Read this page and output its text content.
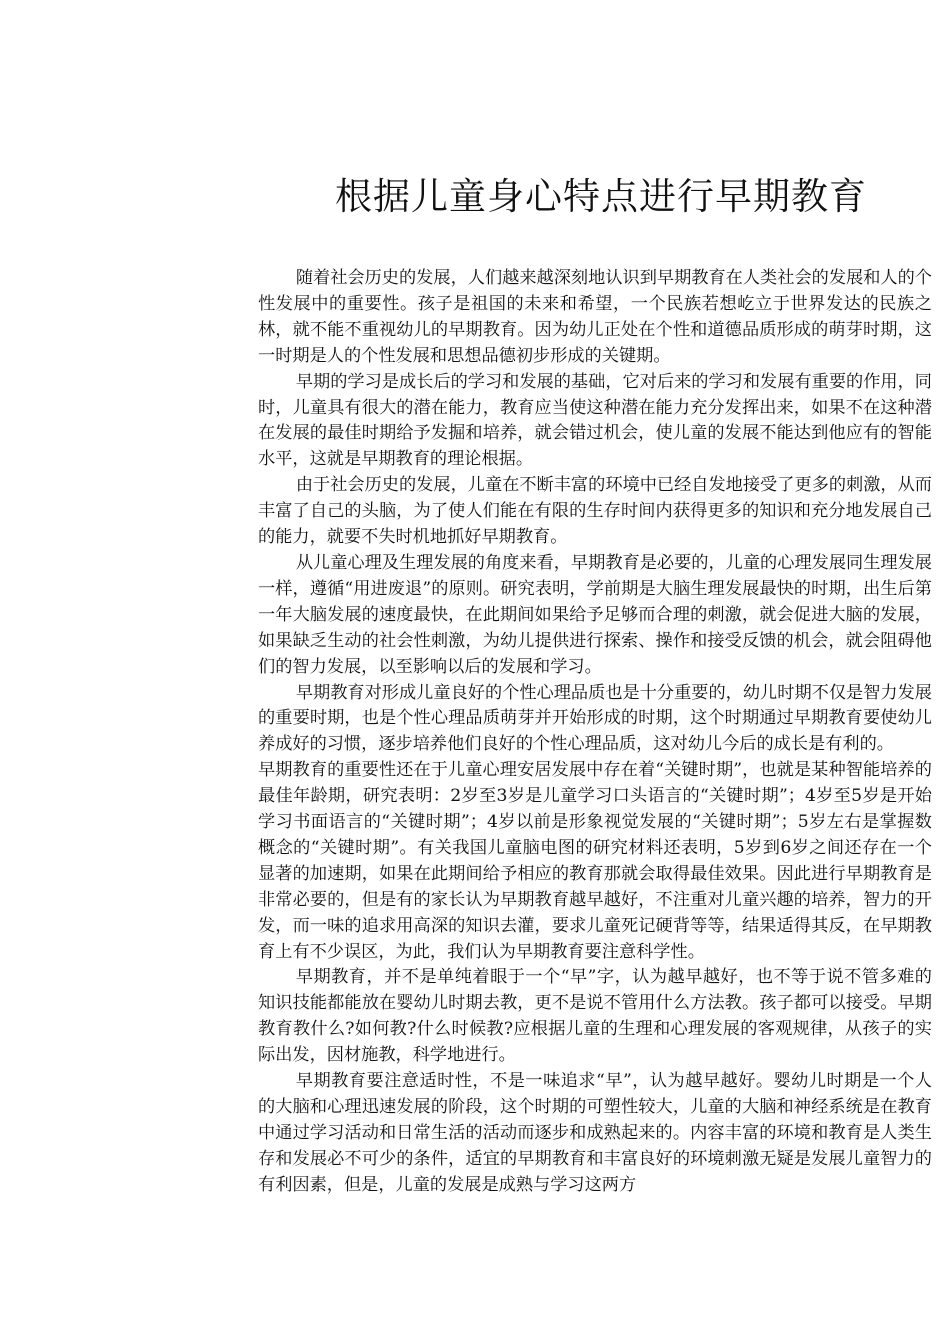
根据儿童身心特点进行早期教育

随着社会历史的发展，人们越来越深刻地认识到早期教育在人类社会的发展和人的个性发展中的重要性。孩子是祖国的未来和希望，一个民族若想屹立于世界发达的民族之林，就不能不重视幼儿的早期教育。因为幼儿正处在个性和道德品质形成的萌芽时期，这一时期是人的个性发展和思想品德初步形成的关键期。

早期的学习是成长后的学习和发展的基础，它对后来的学习和发展有重要的作用，同时，儿童具有很大的潜在能力，教育应当使这种潜在能力充分发挥出来，如果不在这种潜在发展的最佳时期给予发掘和培养，就会错过机会，使儿童的发展不能达到他应有的智能水平，这就是早期教育的理论根据。

由于社会历史的发展，儿童在不断丰富的环境中已经自发地接受了更多的刺激，从而丰富了自己的头脑，为了使人们能在有限的生存时间内获得更多的知识和充分地发展自己的能力，就要不失时机地抓好早期教育。

从儿童心理及生理发展的角度来看，早期教育是必要的，儿童的心理发展同生理发展一样，遵循“用进废退”的原则。研究表明，学前期是大脑生理发展最快的时期，出生后第一年大脑发展的速度最快，在此期间如果给予足够而合理的刺激，就会促进大脑的发展，如果缺乏生动的社会性刺激，为幼儿提供进行探索、操作和接受反馈的机会，就会阻碍他们的智力发展，以至影响以后的发展和学习。

早期教育对形成儿童良好的个性心理品质也是十分重要的，幼儿时期不仅是智力发展的重要时期，也是个性心理品质萌芽并开始形成的时期，这个时期通过早期教育要使幼儿养成好的习惯，逐步培养他们良好的个性心理品质，这对幼儿今后的成长是有利的。

早期教育的重要性还在于儿童心理安居发展中存在着“关键时期”，也就是某种智能培养的最佳年龄期，研究表明：2岁至3岁是儿童学习口头语言的“关键时期”；4岁至5岁是开始学习书面语言的“关键时期”；4岁以前是形象视觉发展的“关键时期”；5岁左右是掌握数概念的“关键时期”。有关我国儿童脑电图的研究材料还表明，5岁到6岁之间还存在一个显著的加速期，如果在此期间给予相应的教育那就会取得最佳效果。因此进行早期教育是非常必要的，但是有的家长认为早期教育越早越好，不注重对儿童兴趣的培养，智力的开发，而一味的追求用高深的知识去灌，要求儿童死记硬背等等，结果适得其反，在早期教育上有不少误区，为此，我们认为早期教育要注意科学性。

早期教育，并不是单纯着眼于一个“早”字，认为越早越好，也不等于说不管多难的知识技能都能放在婴幼儿时期去教，更不是说不管用什么方法教。孩子都可以接受。早期教育教什么?如何教?什么时候教?应根据儿童的生理和心理发展的客观规律，从孩子的实际出发，因材施教，科学地进行。

早期教育要注意适时性，不是一味追求“早”，认为越早越好。婴幼儿时期是一个人的大脑和心理迅速发展的阶段，这个时期的可塑性较大，儿童的大脑和神经系统是在教育中通过学习活动和日常生活的活动而逐步和成熟起来的。内容丰富的环境和教育是人类生存和发展必不可少的条件，适宜的早期教育和丰富良好的环境刺激无疑是发展儿童智力的有利因素，但是，儿童的发展是成熟与学习这两方
